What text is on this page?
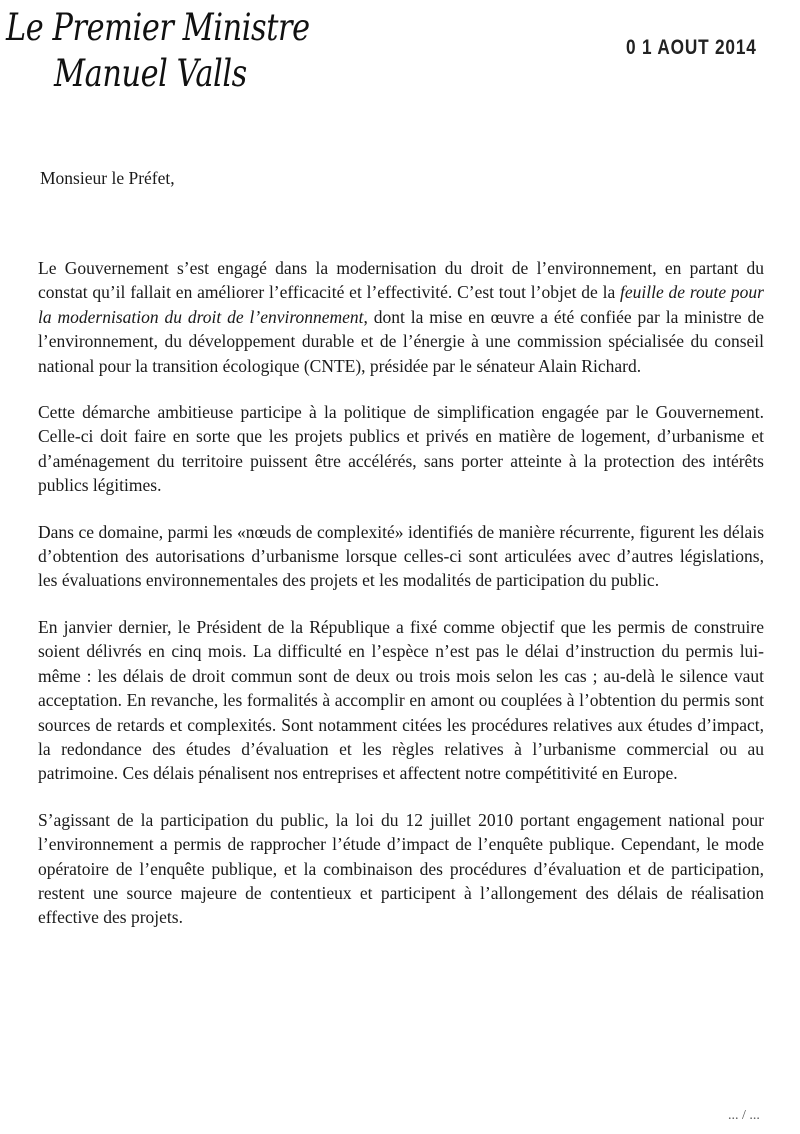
Le Premier Ministre
Manuel Valls
0 1 AOUT 2014
Monsieur le Préfet,

Le Gouvernement s’est engagé dans la modernisation du droit de l’environnement, en partant du constat qu’il fallait en améliorer l’efficacité et l’effectivité. C’est tout l’objet de la feuille de route pour la modernisation du droit de l’environnement, dont la mise en œuvre a été confiée par la ministre de l’environnement, du développement durable et de l’énergie à une commission spécialisée du conseil national pour la transition écologique (CNTE), présidée par le sénateur Alain Richard.

Cette démarche ambitieuse participe à la politique de simplification engagée par le Gouvernement. Celle-ci doit faire en sorte que les projets publics et privés en matière de logement, d’urbanisme et d’aménagement du territoire puissent être accélérés, sans porter atteinte à la protection des intérêts publics légitimes.

Dans ce domaine, parmi les «nœuds de complexité» identifiés de manière récurrente, figurent les délais d’obtention des autorisations d’urbanisme lorsque celles-ci sont articulées avec d’autres législations, les évaluations environnementales des projets et les modalités de participation du public.

En janvier dernier, le Président de la République a fixé comme objectif que les permis de construire soient délivrés en cinq mois. La difficulté en l’espèce n’est pas le délai d’instruction du permis lui-même : les délais de droit commun sont de deux ou trois mois selon les cas ; au-delà le silence vaut acceptation. En revanche, les formalités à accomplir en amont ou couplées à l’obtention du permis sont sources de retards et complexités. Sont notamment citées les procédures relatives aux études d’impact, la redondance des études d’évaluation et les règles relatives à l’urbanisme commercial ou au patrimoine. Ces délais pénalisent nos entreprises et affectent notre compétitivité en Europe.

S’agissant de la participation du public, la loi du 12 juillet 2010 portant engagement national pour l’environnement a permis de rapprocher l’étude d’impact de l’enquête publique. Cependant, le mode opératoire de l’enquête publique, et la combinaison des procédures d’évaluation et de participation, restent une source majeure de contentieux et participent à l’allongement des délais de réalisation effective des projets.

... / ...
